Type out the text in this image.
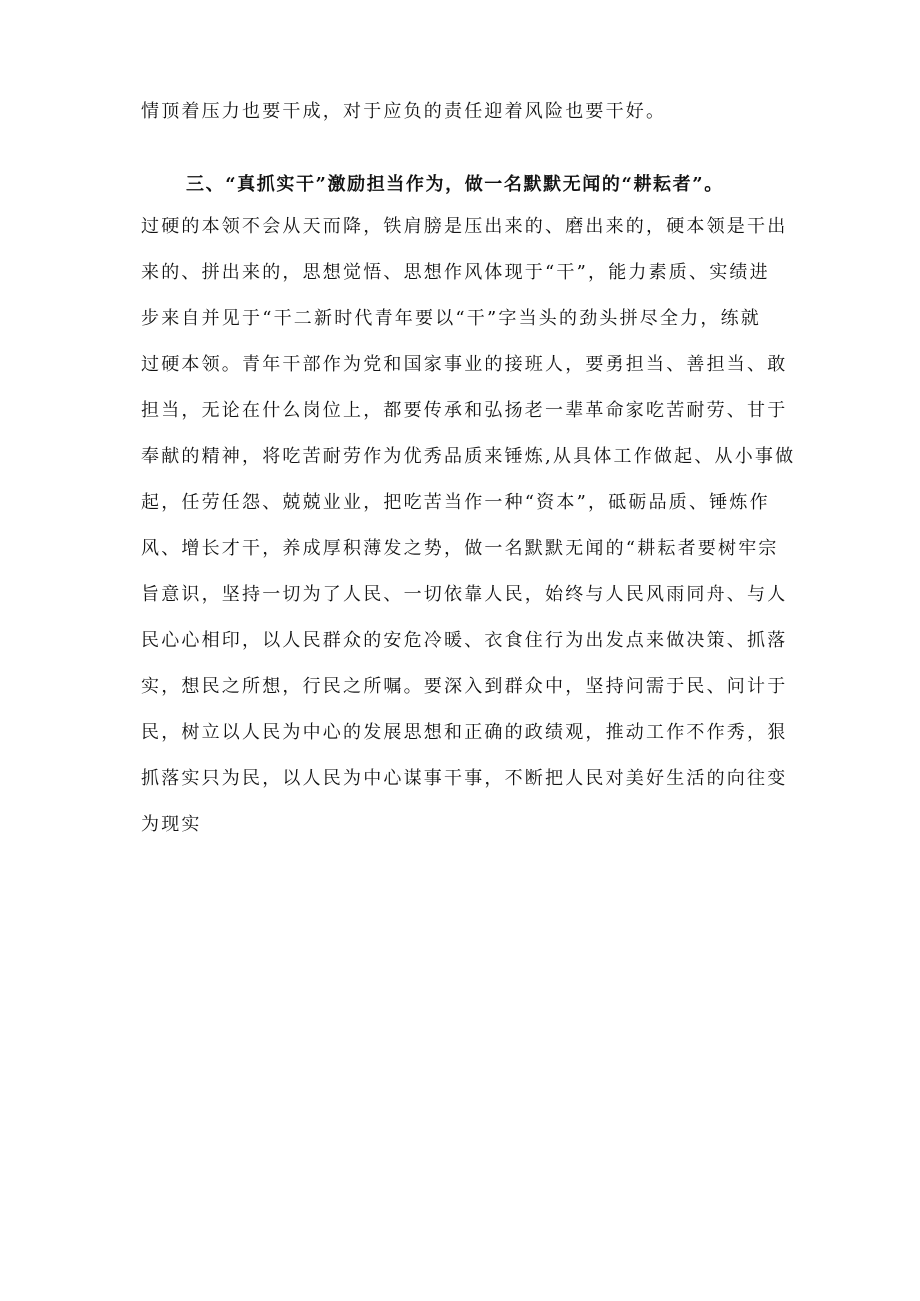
情顶着压力也要干成，对于应负的责任迎着风险也要干好。
三、“真抓实干”激励担当作为，做一名默默无闻的“耕耘者”。
过硬的本领不会从天而降，铁肩膀是压出来的、磨出来的，硬本领是干出
来的、拼出来的，思想觉悟、思想作风体现于“干”，能力素质、实绩进
步来自并见于“干二新时代青年要以“干”字当头的劲头拼尽全力，练就
过硬本领。青年干部作为党和国家事业的接班人，要勇担当、善担当、敢
担当，无论在什么岗位上，都要传承和弘扬老一辈革命家吃苦耐劳、甘于
奉献的精神，将吃苦耐劳作为优秀品质来锤炼,从具体工作做起、从小事做
起，任劳任怨、兢兢业业，把吃苦当作一种“资本”，砥砺品质、锤炼作
风、增长才干，养成厚积薄发之势，做一名默默无闻的“耕耘者要树牢宗
旨意识，坚持一切为了人民、一切依靠人民，始终与人民风雨同舟、与人
民心心相印，以人民群众的安危冷暖、衣食住行为出发点来做决策、抓落
实，想民之所想，行民之所嘱。要深入到群众中，坚持问需于民、问计于
民，树立以人民为中心的发展思想和正确的政绩观，推动工作不作秀，狠
抓落实只为民，以人民为中心谋事干事，不断把人民对美好生活的向往变
为现实
